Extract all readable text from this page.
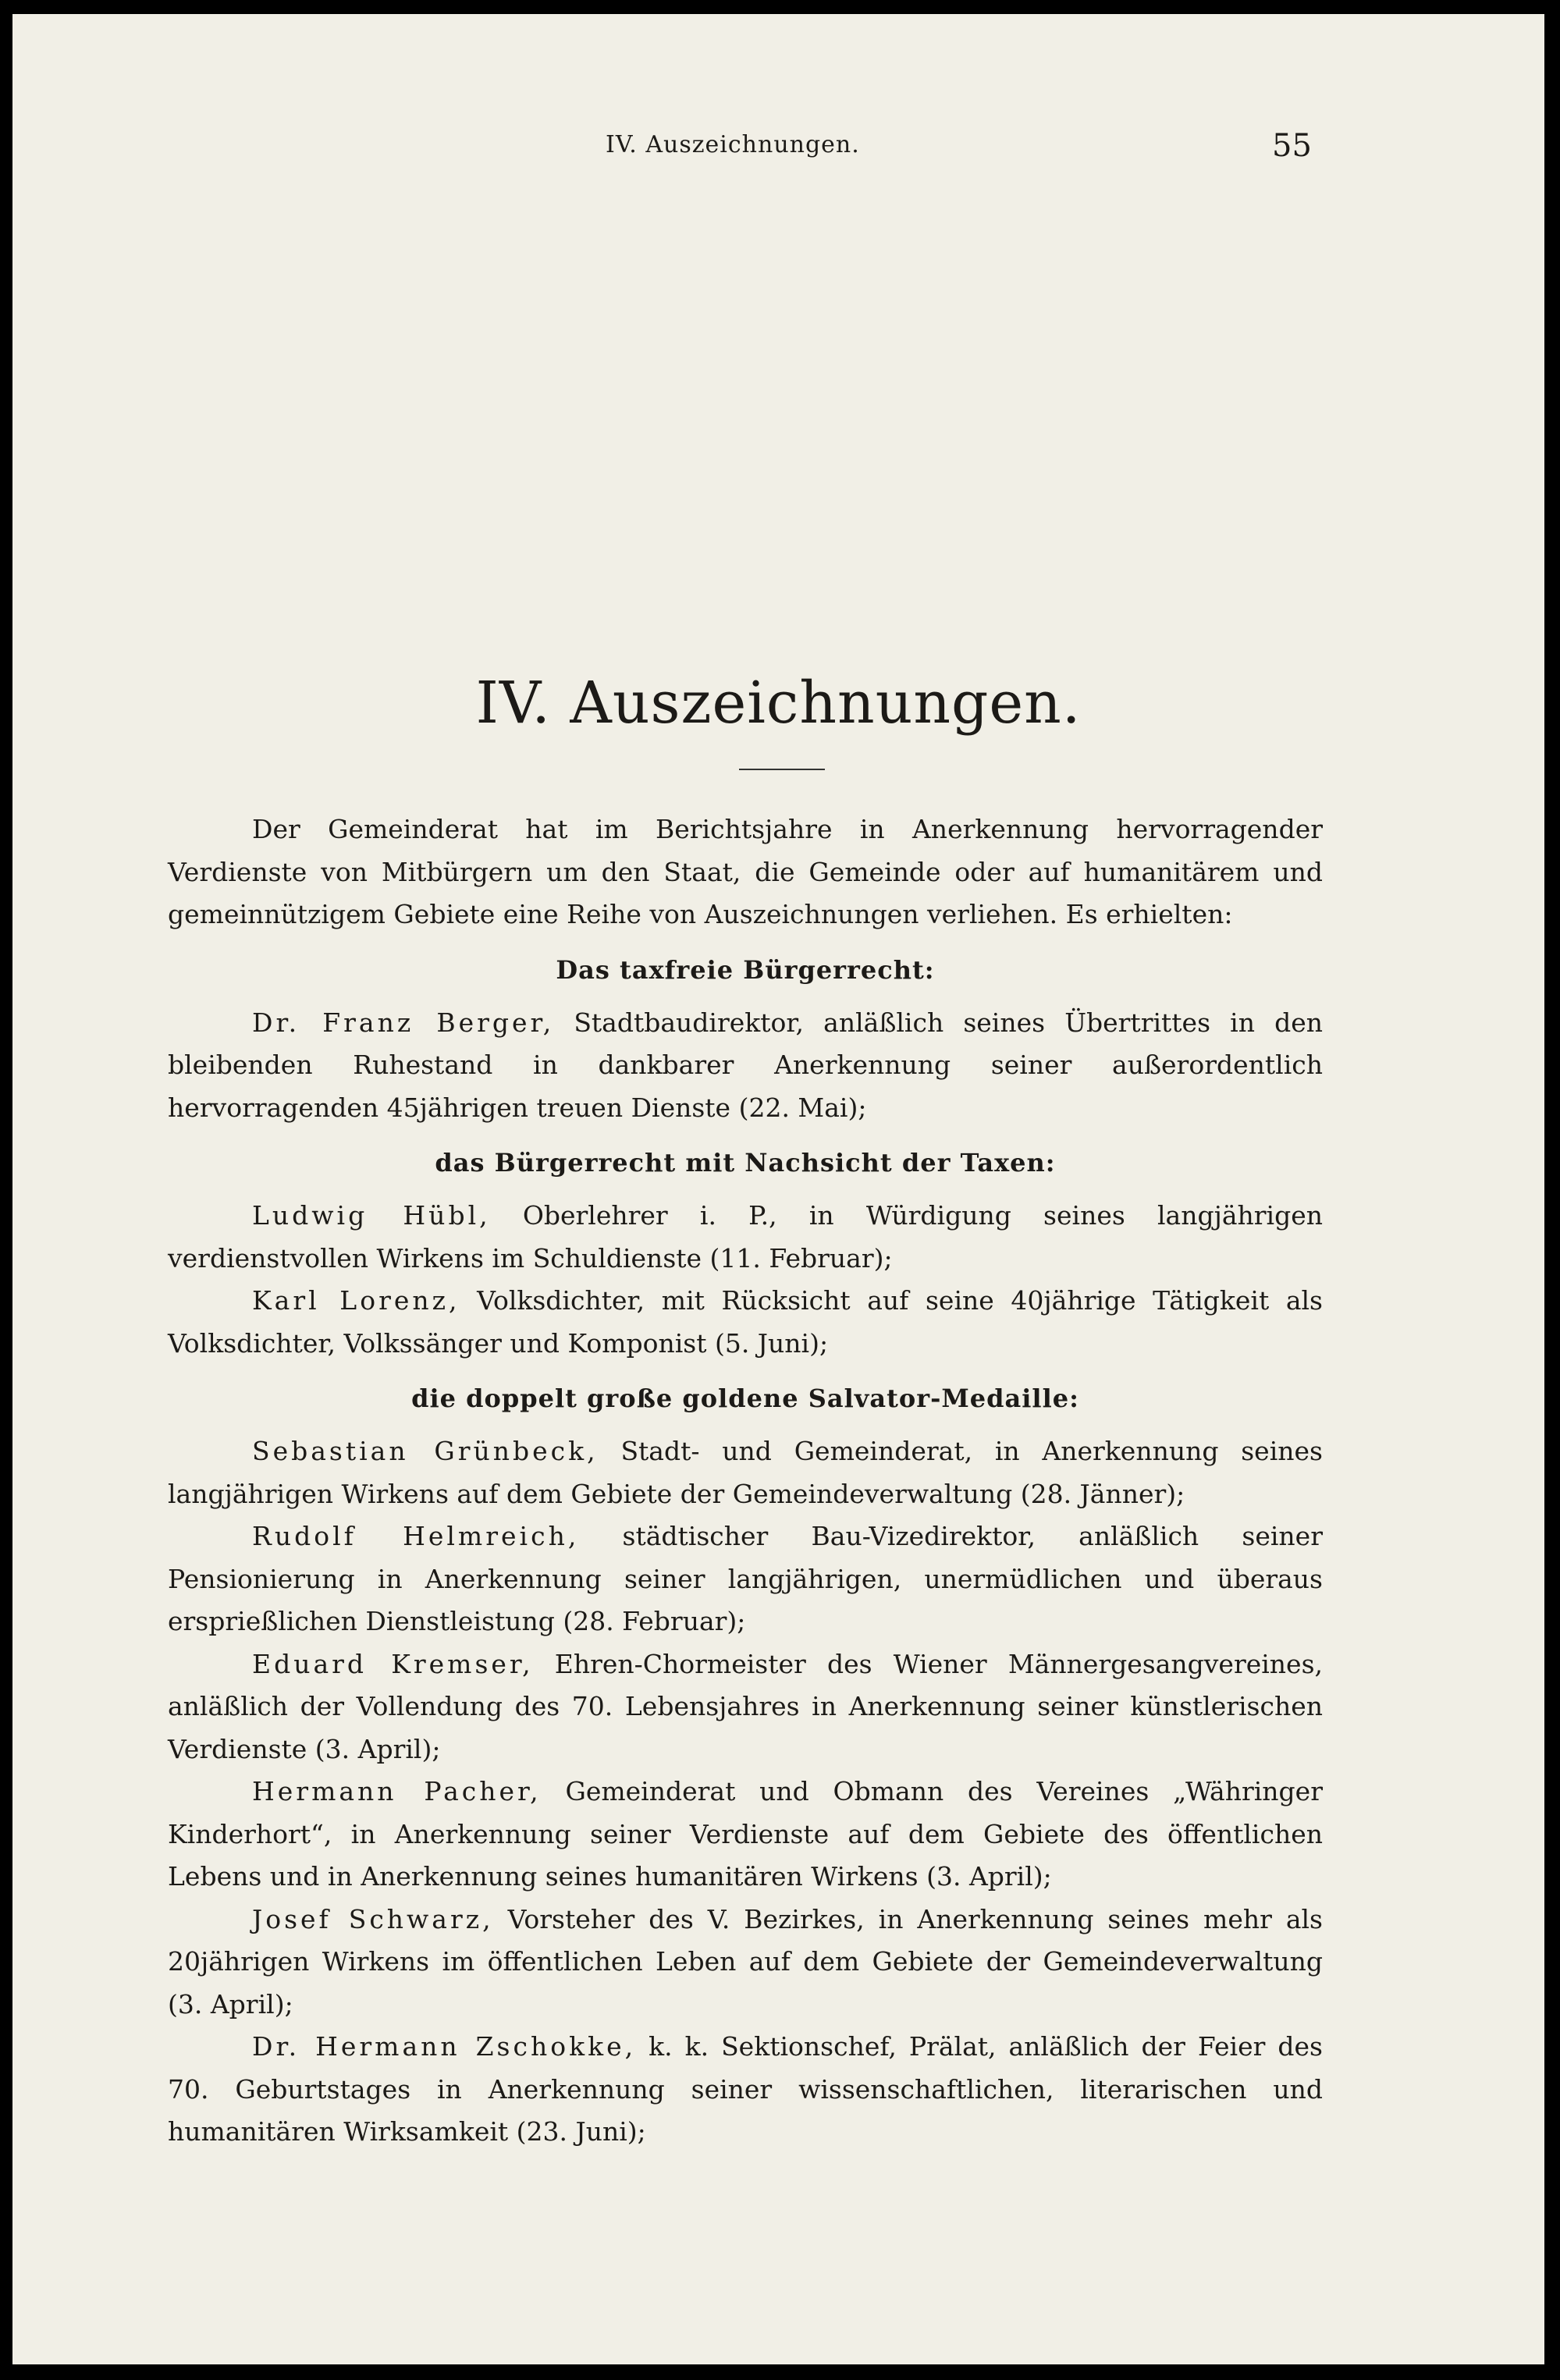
IV. Auszeichnungen.	55
IV. Auszeichnungen.

Der Gemeinderat hat im Berichtsjahre in Anerkennung hervorragender Verdienste von Mitbürgern um den Staat, die Gemeinde oder auf humanitärem und gemeinnützigem Gebiete eine Reihe von Auszeichnungen verliehen. Es erhielten:

Das taxfreie Bürgerrecht:

Dr. Franz Berger, Stadtbaudirektor, anläßlich seines Übertrittes in den bleibenden Ruhestand in dankbarer Anerkennung seiner außerordentlich hervorragenden 45jährigen treuen Dienste (22. Mai);

das Bürgerrecht mit Nachsicht der Taxen:

Ludwig Hübl, Oberlehrer i. P., in Würdigung seines langjährigen verdienstvollen Wirkens im Schuldienste (11. Februar);

Karl Lorenz, Volksdichter, mit Rücksicht auf seine 40jährige Tätigkeit als Volksdichter, Volkssänger und Komponist (5. Juni);

die doppelt große goldene Salvator-Medaille:

Sebastian Grünbeck, Stadt- und Gemeinderat, in Anerkennung seines langjährigen Wirkens auf dem Gebiete der Gemeindeverwaltung (28. Jänner);

Rudolf Helmreich, städtischer Bau-Vizedirektor, anläßlich seiner Pensionierung in Anerkennung seiner langjährigen, unermüdlichen und überaus ersprießlichen Dienstleistung (28. Februar);

Eduard Kremser, Ehren-Chormeister des Wiener Männergesangvereines, anläßlich der Vollendung des 70. Lebensjahres in Anerkennung seiner künstlerischen Verdienste (3. April);

Hermann Pacher, Gemeinderat und Obmann des Vereines „Währinger Kinderhort“, in Anerkennung seiner Verdienste auf dem Gebiete des öffentlichen Lebens und in Anerkennung seines humanitären Wirkens (3. April);

Josef Schwarz, Vorsteher des V. Bezirkes, in Anerkennung seines mehr als 20jährigen Wirkens im öffentlichen Leben auf dem Gebiete der Gemeindeverwaltung (3. April);

Dr. Hermann Zschokke, k. k. Sektionschef, Prälat, anläßlich der Feier des 70. Geburtstages in Anerkennung seiner wissenschaftlichen, literarischen und humanitären Wirksamkeit (23. Juni);
